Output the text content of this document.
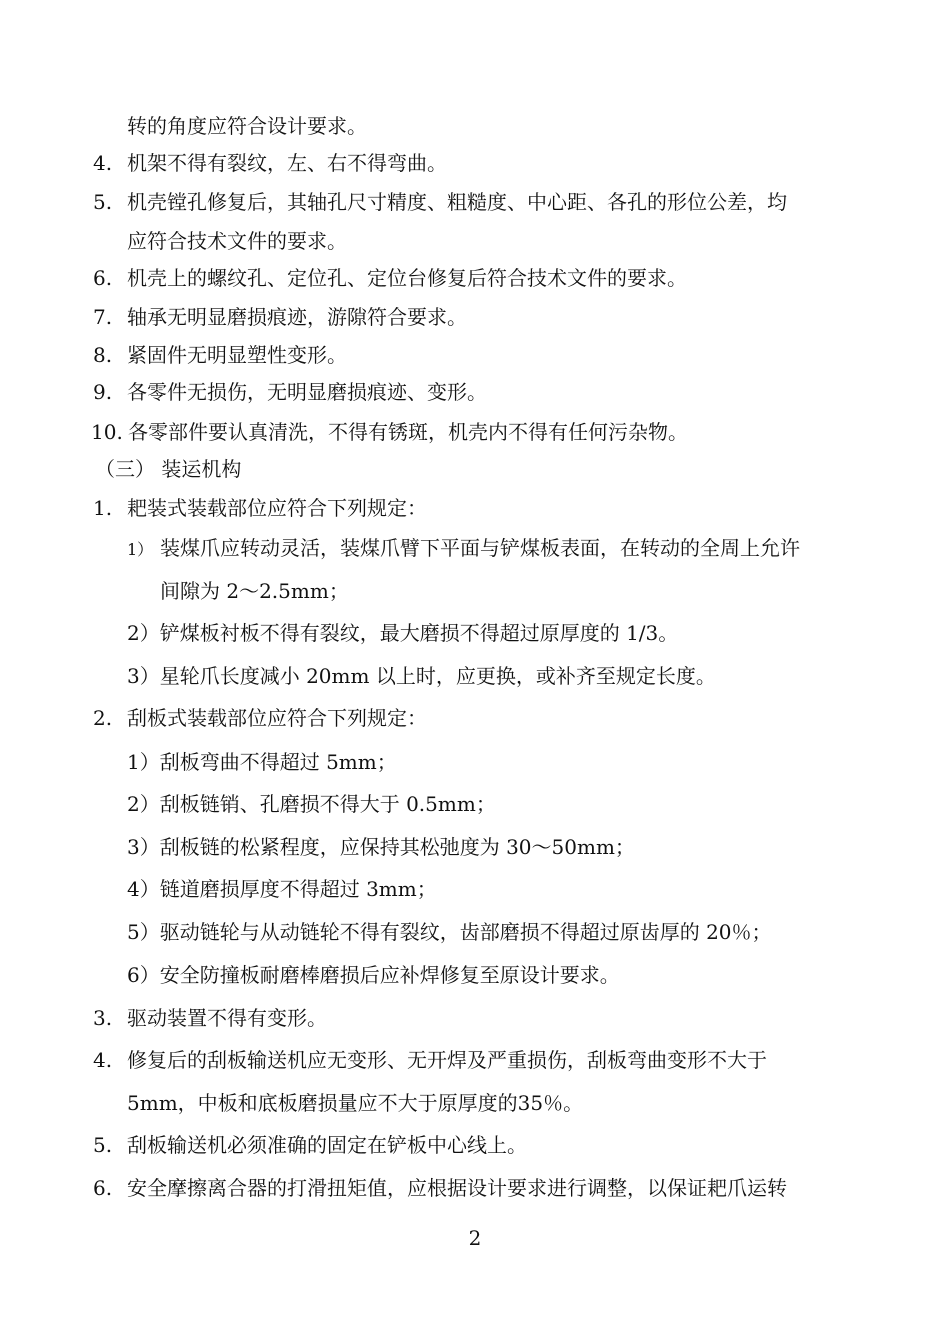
转的角度应符合设计要求。
4. 机架不得有裂纹，左、右不得弯曲。
5. 机壳镗孔修复后，其轴孔尺寸精度、粗糙度、中心距、各孔的形位公差，均
应符合技术文件的要求。
6. 机壳上的螺纹孔、定位孔、定位台修复后符合技术文件的要求。
7. 轴承无明显磨损痕迹，游隙符合要求。
8. 紧固件无明显塑性变形。
9. 各零件无损伤，无明显磨损痕迹、变形。
10. 各零部件要认真清洗，不得有锈斑，机壳内不得有任何污杂物。
（三） 装运机构
1. 耙装式装载部位应符合下列规定：
1） 装煤爪应转动灵活，装煤爪臂下平面与铲煤板表面，在转动的全周上允许
间隙为 2～2.5mm；
2）铲煤板衬板不得有裂纹，最大磨损不得超过原厚度的 1/3。
3）星轮爪长度减小 20mm 以上时，应更换，或补齐至规定长度。
2. 刮板式装载部位应符合下列规定：
1）刮板弯曲不得超过 5mm；
2）刮板链销、孔磨损不得大于 0.5mm；
3）刮板链的松紧程度，应保持其松弛度为 30～50mm；
4）链道磨损厚度不得超过 3mm；
5）驱动链轮与从动链轮不得有裂纹，齿部磨损不得超过原齿厚的 20％；
6）安全防撞板耐磨棒磨损后应补焊修复至原设计要求。
3. 驱动装置不得有变形。
4. 修复后的刮板输送机应无变形、无开焊及严重损伤，刮板弯曲变形不大于
5mm，中板和底板磨损量应不大于原厚度的35％。
5. 刮板输送机必须准确的固定在铲板中心线上。
6. 安全摩擦离合器的打滑扭矩值，应根据设计要求进行调整，以保证耙爪运转
2
